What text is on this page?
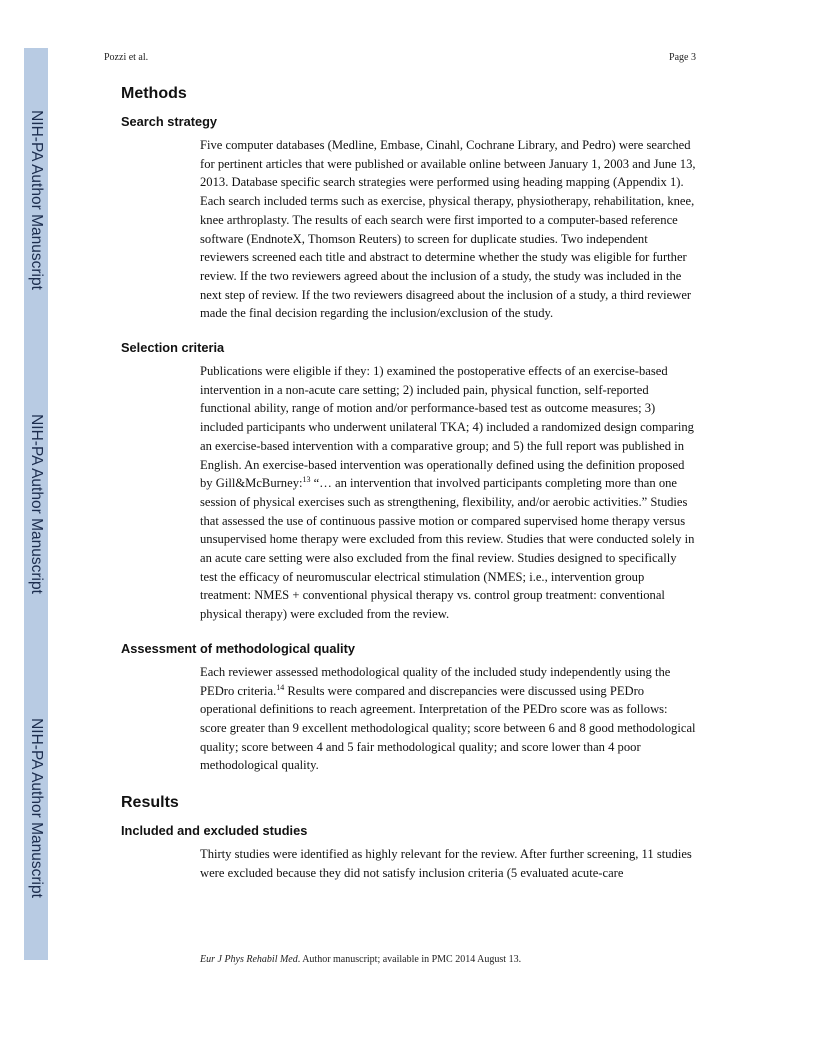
NIH-PA Author Manuscript
NIH-PA Author Manuscript
NIH-PA Author Manuscript
Pozzi et al.	Page 3
Methods
Search strategy

Five computer databases (Medline, Embase, Cinahl, Cochrane Library, and Pedro) were searched for pertinent articles that were published or available online between January 1, 2003 and June 13, 2013. Database specific search strategies were performed using heading mapping (Appendix 1). Each search included terms such as exercise, physical therapy, physiotherapy, rehabilitation, knee, knee arthroplasty. The results of each search were first imported to a computer-based reference software (EndnoteX, Thomson Reuters) to screen for duplicate studies. Two independent reviewers screened each title and abstract to determine whether the study was eligible for further review. If the two reviewers agreed about the inclusion of a study, the study was included in the next step of review. If the two reviewers disagreed about the inclusion of a study, a third reviewer made the final decision regarding the inclusion/exclusion of the study.

Selection criteria

Publications were eligible if they: 1) examined the postoperative effects of an exercise-based intervention in a non-acute care setting; 2) included pain, physical function, self-reported functional ability, range of motion and/or performance-based test as outcome measures; 3) included participants who underwent unilateral TKA; 4) included a randomized design comparing an exercise-based intervention with a comparative group; and 5) the full report was published in English. An exercise-based intervention was operationally defined using the definition proposed by Gill&McBurney:$^{13}$ “… an intervention that involved participants completing more than one session of physical exercises such as strengthening, flexibility, and/or aerobic activities.” Studies that assessed the use of continuous passive motion or compared supervised home therapy versus unsupervised home therapy were excluded from this review. Studies that were conducted solely in an acute care setting were also excluded from the final review. Studies designed to specifically test the efficacy of neuromuscular electrical stimulation (NMES; i.e., intervention group treatment: NMES + conventional physical therapy vs. control group treatment: conventional physical therapy) were excluded from the review.

Assessment of methodological quality

Each reviewer assessed methodological quality of the included study independently using the PEDro criteria.$^{14}$ Results were compared and discrepancies were discussed using PEDro operational definitions to reach agreement. Interpretation of the PEDro score was as follows: score greater than 9 excellent methodological quality; score between 6 and 8 good methodological quality; score between 4 and 5 fair methodological quality; and score lower than 4 poor methodological quality.

Results
Included and excluded studies

Thirty studies were identified as highly relevant for the review. After further screening, 11 studies were excluded because they did not satisfy inclusion criteria (5 evaluated acute-care

Eur J Phys Rehabil Med. Author manuscript; available in PMC 2014 August 13.
